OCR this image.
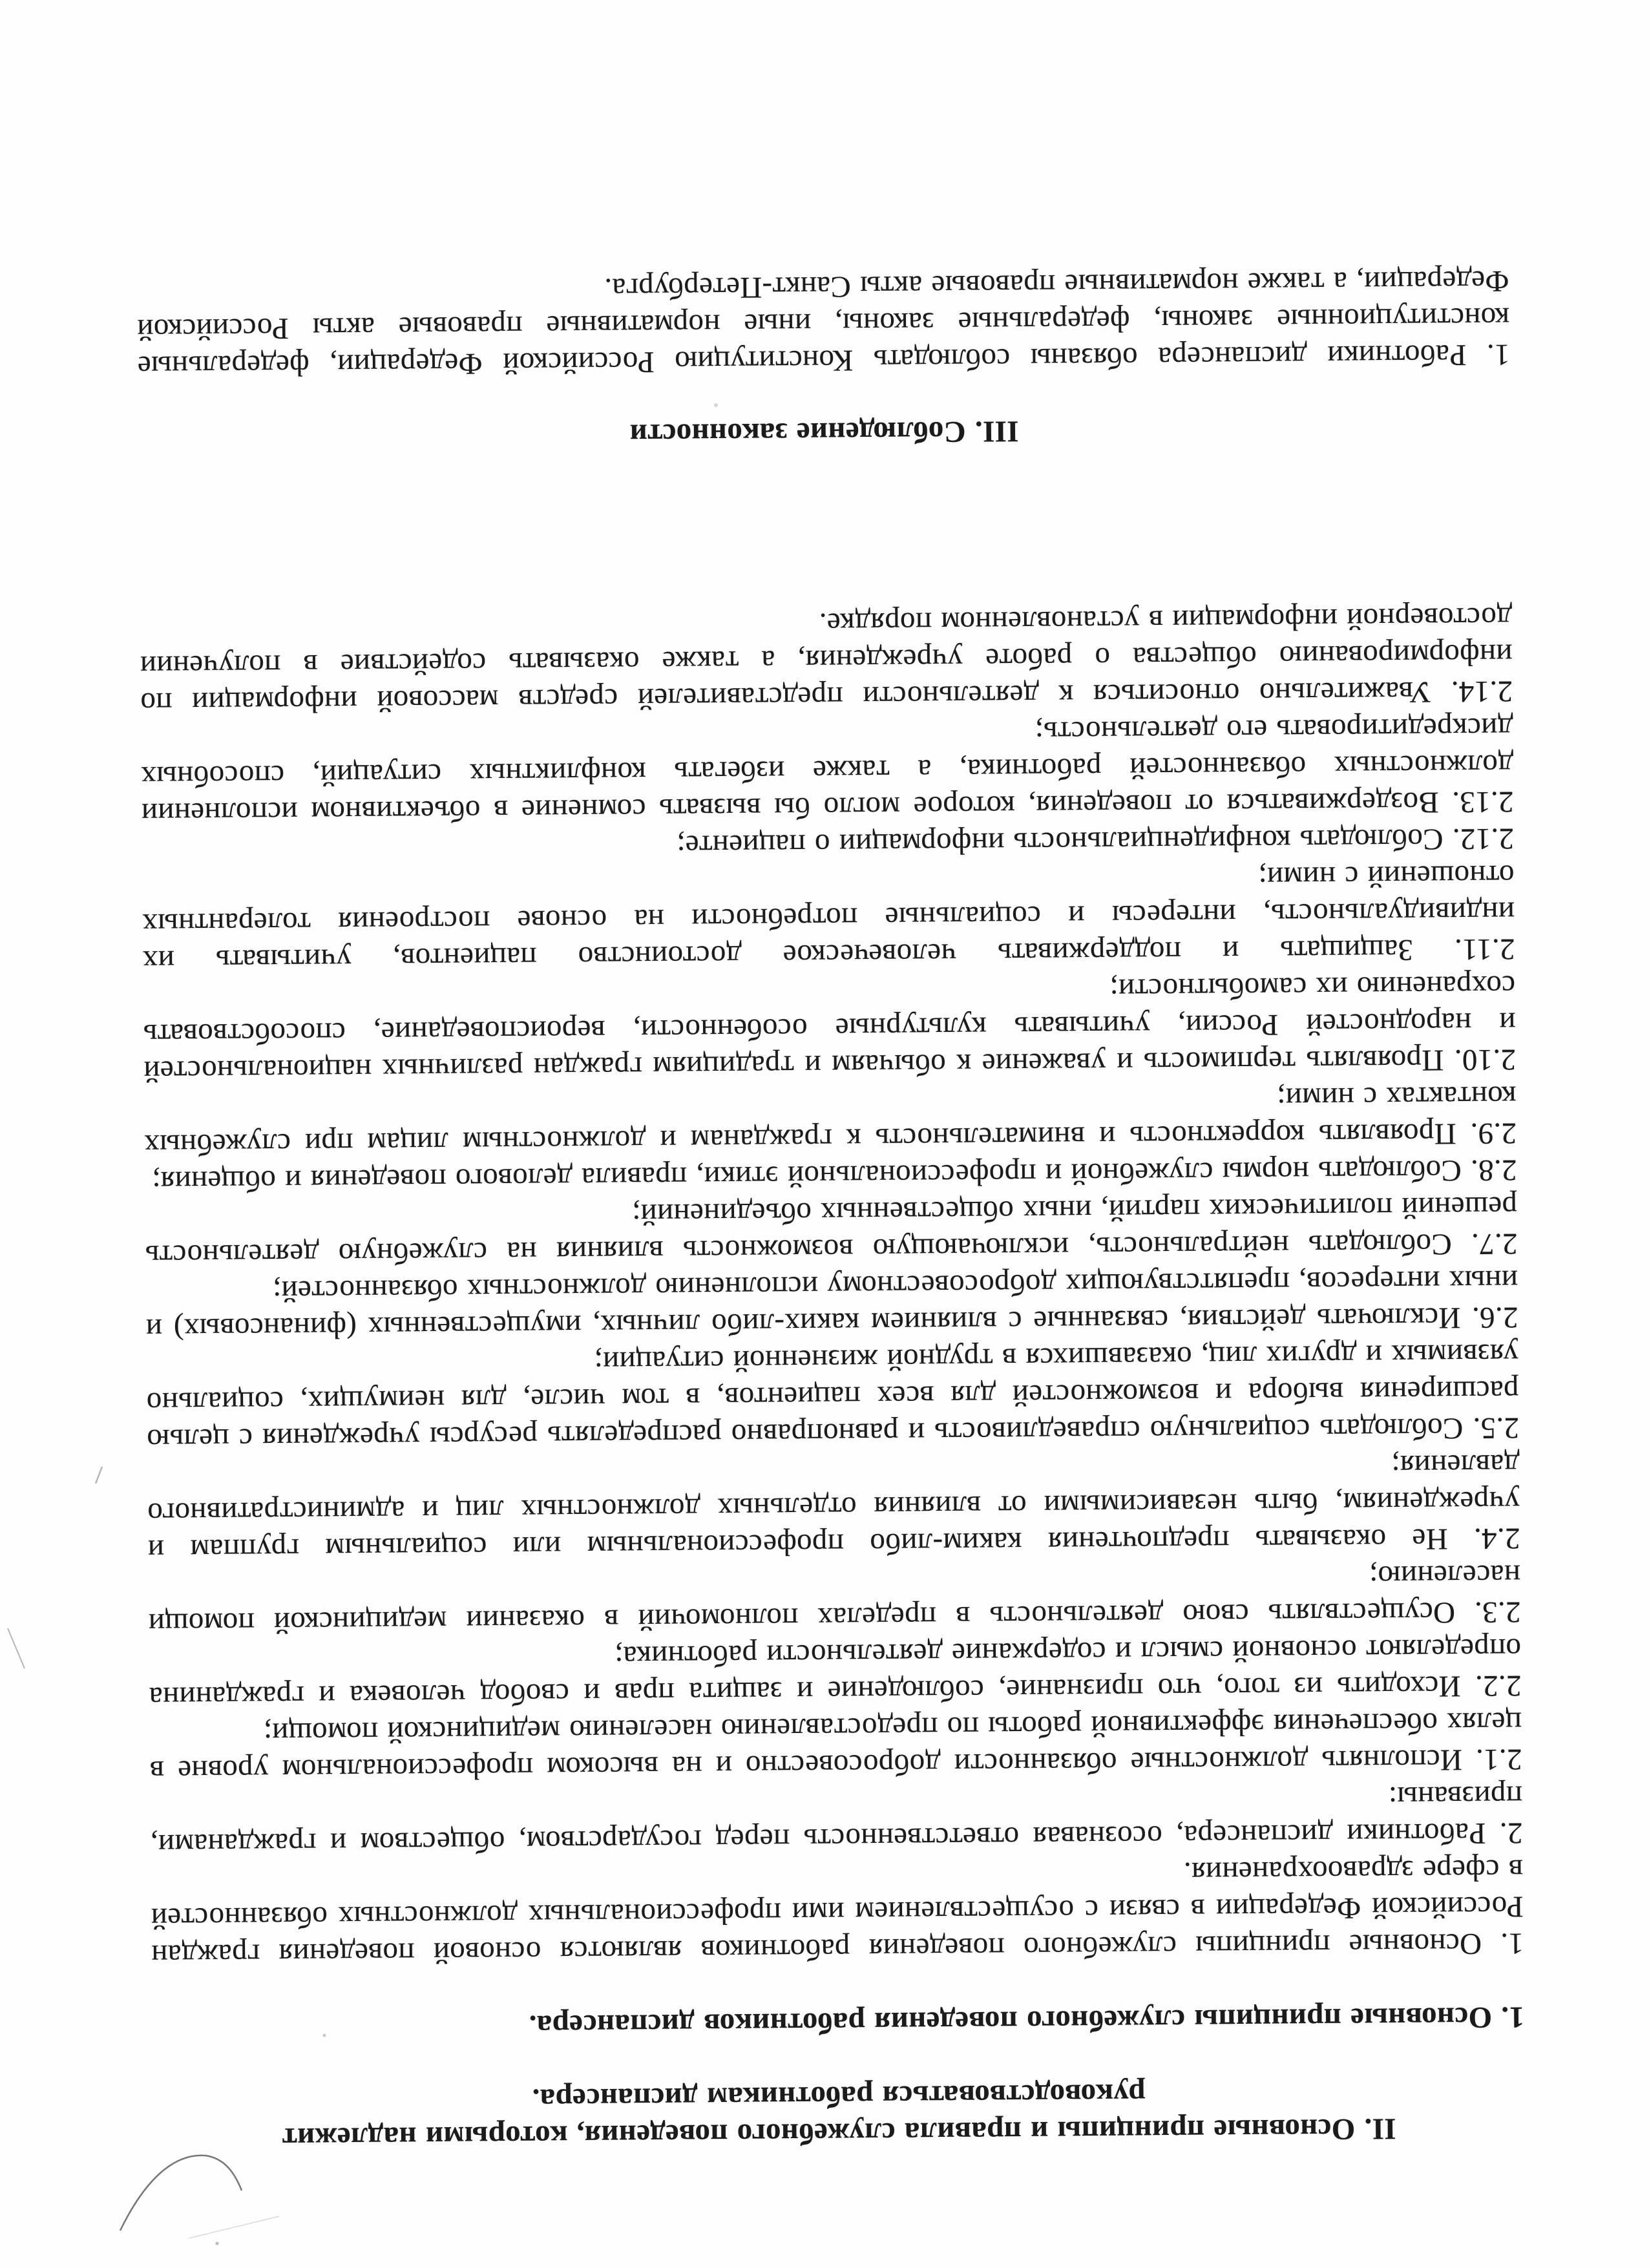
II. Основные принципы и правила служебного поведения, которыми надлежит руководствоваться работникам диспансера.
1. Основные принципы служебного поведения работников диспансера.

1. Основные принципы служебного поведения работников являются основой поведения граждан Российской Федерации в связи с осуществлением ими профессиональных должностных обязанностей в сфере здравоохранения.

2. Работники диспансера, осознавая ответственность перед государством, обществом и гражданами, призваны:

2.1. Исполнять должностные обязанности добросовестно и на высоком профессиональном уровне в целях обеспечения эффективной работы по предоставлению населению медицинской помощи;

2.2. Исходить из того, что признание, соблюдение и защита прав и свобод человека и гражданина определяют основной смысл и содержание деятельности работника;

2.3. Осуществлять свою деятельность в пределах полномочий в оказании медицинской помощи населению;

2.4. Не оказывать предпочтения каким-либо профессиональным или социальным группам и учреждениям, быть независимыми от влияния отдельных должностных лиц и административного давления;

2.5. Соблюдать социальную справедливость и равноправно распределять ресурсы учреждения с целью расширения выбора и возможностей для всех пациентов, в том числе, для неимущих, социально уязвимых и других лиц, оказавшихся в трудной жизненной ситуации;

2.6. Исключать действия, связанные с влиянием каких-либо личных, имущественных (финансовых) и иных интересов, препятствующих добросовестному исполнению должностных обязанностей;

2.7. Соблюдать нейтральность, исключающую возможность влияния на служебную деятельность решений политических партий, иных общественных объединений;

2.8. Соблюдать нормы служебной и профессиональной этики, правила делового поведения и общения;

2.9. Проявлять корректность и внимательность к гражданам и должностным лицам при служебных контактах с ними;

2.10. Проявлять терпимость и уважение к обычаям и традициям граждан различных национальностей и народностей России, учитывать культурные особенности, вероисповедание, способствовать сохранению их самобытности;

2.11. Защищать и поддерживать человеческое достоинство пациентов, учитывать их индивидуальность, интересы и социальные потребности на основе построения толерантных отношений с ними;

2.12. Соблюдать конфиденциальность информации о пациенте;

2.13. Воздерживаться от поведения, которое могло бы вызвать сомнение в объективном исполнении должностных обязанностей работника, а также избегать конфликтных ситуаций, способных дискредитировать его деятельность;

2.14. Уважительно относиться к деятельности представителей средств массовой информации по информированию общества о работе учреждения, а также оказывать содействие в получении достоверной информации в установленном порядке.

III. Соблюдение законности

1. Работники диспансера обязаны соблюдать Конституцию Российской Федерации, федеральные конституционные законы, федеральные законы, иные нормативные правовые акты Российской Федерации, а также нормативные правовые акты Санкт-Петербурга.
